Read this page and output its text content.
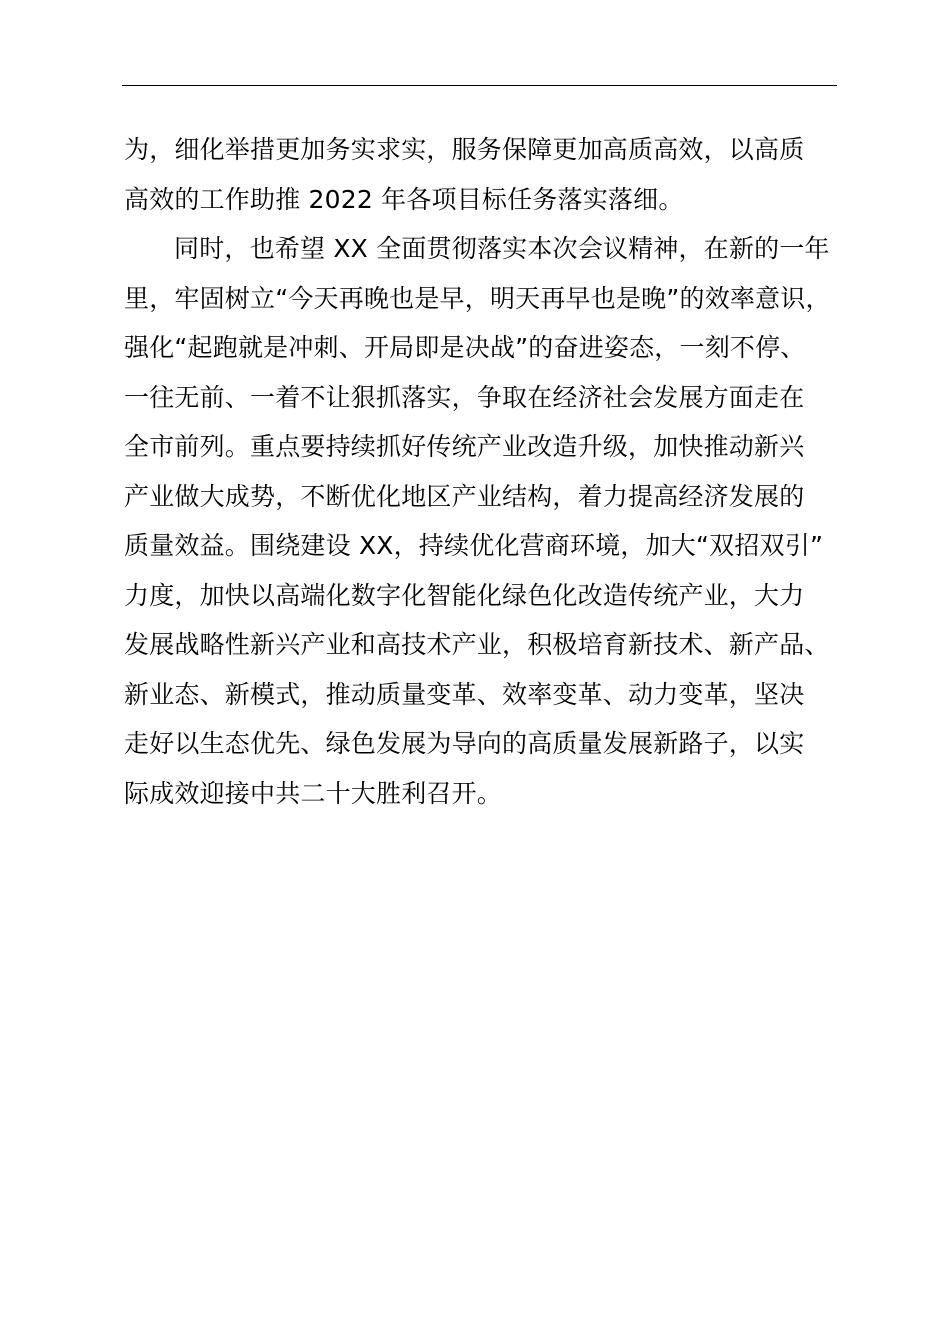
为，细化举措更加务实求实，服务保障更加高质高效，以高质
高效的工作助推 2022 年各项目标任务落实落细。
同时，也希望 XX 全面贯彻落实本次会议精神，在新的一年
里，牢固树立“今天再晚也是早，明天再早也是晚”的效率意识，
强化“起跑就是冲刺、开局即是决战”的奋进姿态，一刻不停、
一往无前、一着不让狠抓落实，争取在经济社会发展方面走在
全市前列。重点要持续抓好传统产业改造升级，加快推动新兴
产业做大成势，不断优化地区产业结构，着力提高经济发展的
质量效益。围绕建设 XX，持续优化营商环境，加大“双招双引”
力度，加快以高端化数字化智能化绿色化改造传统产业，大力
发展战略性新兴产业和高技术产业，积极培育新技术、新产品、
新业态、新模式，推动质量变革、效率变革、动力变革，坚决
走好以生态优先、绿色发展为导向的高质量发展新路子，以实
际成效迎接中共二十大胜利召开。
